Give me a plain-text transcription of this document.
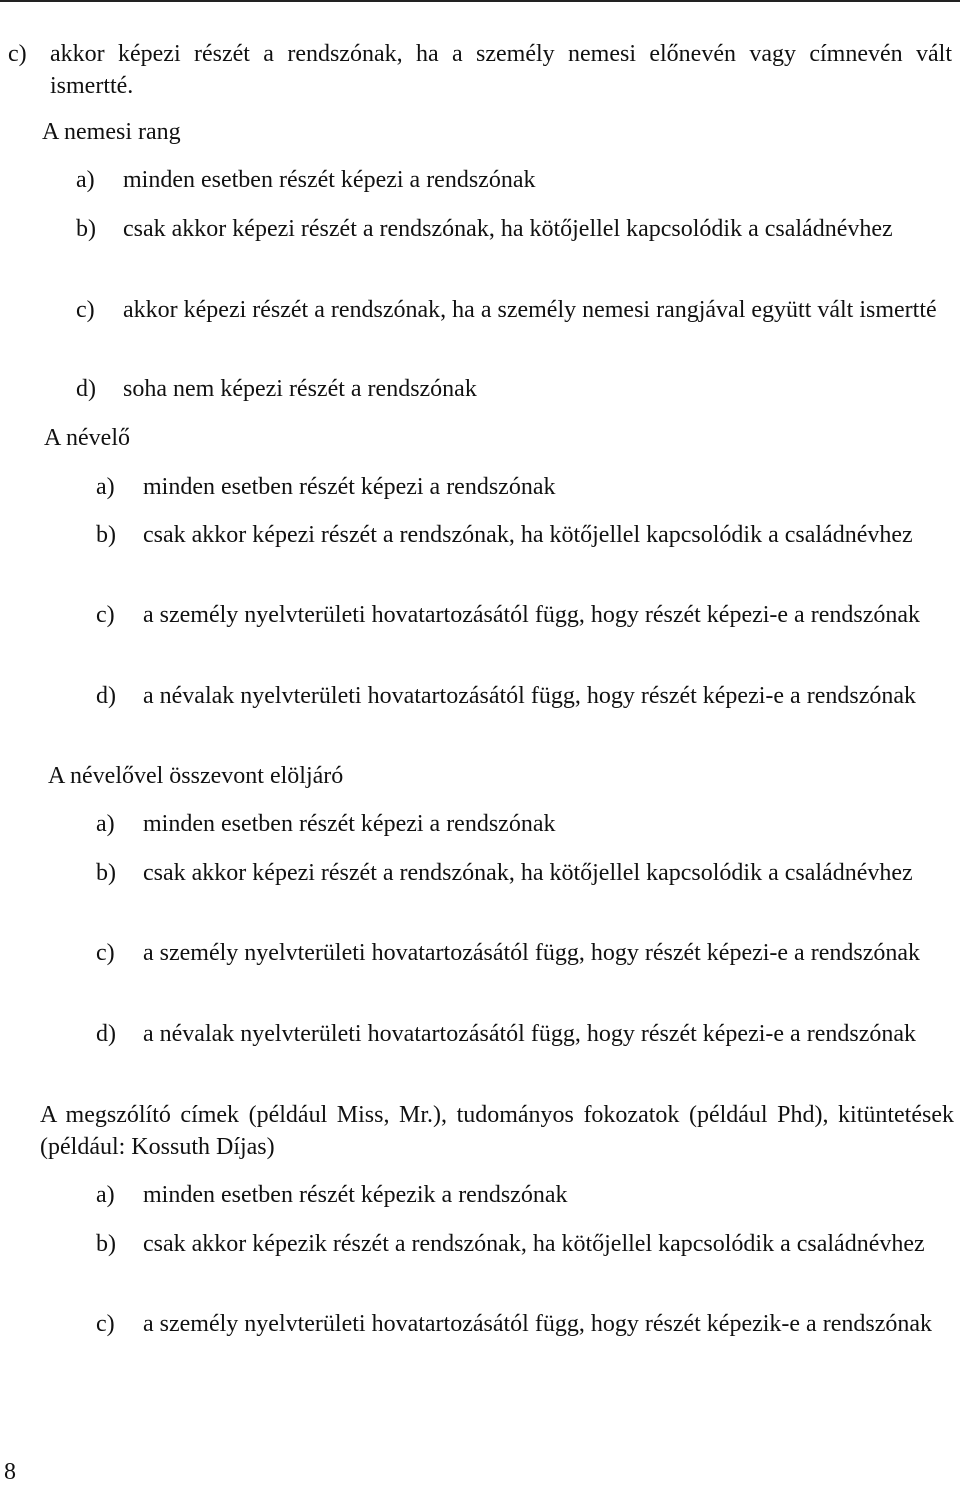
c) akkor képezi részét a rendszónak, ha a személy nemesi előnevén vagy címnevén vált ismertté.
A nemesi rang
a)	minden esetben részét képezi a rendszónak
b)	csak akkor képezi részét a rendszónak, ha kötőjellel kapcsolódik a családnévhez
c)	akkor képezi részét a rendszónak, ha a személy nemesi rangjával együtt vált ismertté
d)	soha nem képezi részét a rendszónak
A névelő
a)	minden esetben részét képezi a rendszónak
b)	csak akkor képezi részét a rendszónak, ha kötőjellel kapcsolódik a családnévhez
c)	a személy nyelvterületi hovatartozásától függ, hogy részét képezi-e a rendszónak
d)	a névalak nyelvterületi hovatartozásától függ, hogy részét képezi-e a rendszónak
A névelővel összevont elöljáró
a)	minden esetben részét képezi a rendszónak
b)	csak akkor képezi részét a rendszónak, ha kötőjellel kapcsolódik a családnévhez
c)	a személy nyelvterületi hovatartozásától függ, hogy részét képezi-e a rendszónak
d)	a névalak nyelvterületi hovatartozásától függ, hogy részét képezi-e a rendszónak
A megszólító címek (például Miss, Mr.), tudományos fokozatok (például Phd), kitüntetések (például: Kossuth Díjas)
a)	minden esetben részét képezik a rendszónak
b)	csak akkor képezik részét a rendszónak, ha kötőjellel kapcsolódik a családnévhez
c)	a személy nyelvterületi hovatartozásától függ, hogy részét képezik-e a rendszónak
8
